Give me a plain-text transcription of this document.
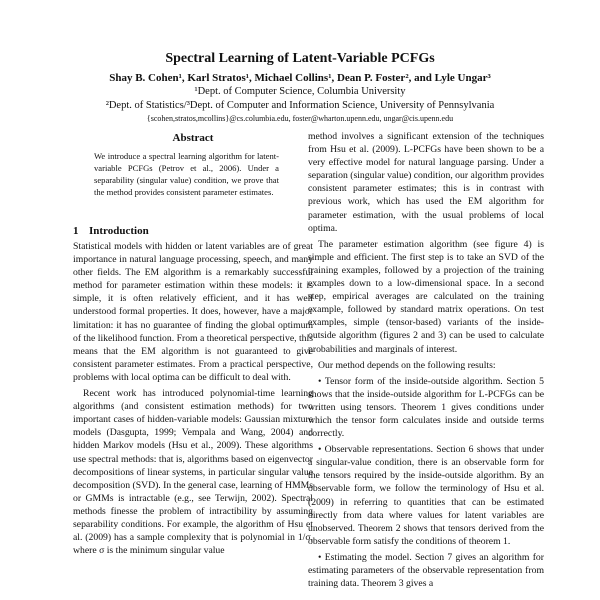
Spectral Learning of Latent-Variable PCFGs
Shay B. Cohen¹, Karl Stratos¹, Michael Collins¹, Dean P. Foster², and Lyle Ungar³
¹Dept. of Computer Science, Columbia University
²Dept. of Statistics/³Dept. of Computer and Information Science, University of Pennsylvania
{scohen,stratos,mcollins}@cs.columbia.edu, foster@wharton.upenn.edu, ungar@cis.upenn.edu
Abstract
We introduce a spectral learning algorithm for latent-variable PCFGs (Petrov et al., 2006). Under a separability (singular value) condition, we prove that the method provides consistent parameter estimates.
1 Introduction

Statistical models with hidden or latent variables are of great importance in natural language processing, speech, and many other fields. The EM algorithm is a remarkably successful method for parameter estimation within these models: it is simple, it is often relatively efficient, and it has well understood formal properties. It does, however, have a major limitation: it has no guarantee of finding the global optimum of the likelihood function. From a theoretical perspective, this means that the EM algorithm is not guaranteed to give consistent parameter estimates. From a practical perspective, problems with local optima can be difficult to deal with.

Recent work has introduced polynomial-time learning algorithms (and consistent estimation methods) for two important cases of hidden-variable models: Gaussian mixture models (Dasgupta, 1999; Vempala and Wang, 2004) and hidden Markov models (Hsu et al., 2009). These algorithms use spectral methods: that is, algorithms based on eigenvector decompositions of linear systems, in particular singular value decomposition (SVD). In the general case, learning of HMMs or GMMs is intractable (e.g., see Terwijn, 2002). Spectral methods finesse the problem of intractibility by assuming separability conditions. For example, the algorithm of Hsu et al. (2009) has a sample complexity that is polynomial in 1/σ, where σ is the minimum singular value

method involves a significant extension of the techniques from Hsu et al. (2009). L-PCFGs have been shown to be a very effective model for natural language parsing. Under a separation (singular value) condition, our algorithm provides consistent parameter estimates; this is in contrast with previous work, which has used the EM algorithm for parameter estimation, with the usual problems of local optima.

The parameter estimation algorithm (see figure 4) is simple and efficient. The first step is to take an SVD of the training examples, followed by a projection of the training examples down to a low-dimensional space. In a second step, empirical averages are calculated on the training example, followed by standard matrix operations. On test examples, simple (tensor-based) variants of the inside-outside algorithm (figures 2 and 3) can be used to calculate probabilities and marginals of interest.

Our method depends on the following results:

• Tensor form of the inside-outside algorithm. Section 5 shows that the inside-outside algorithm for L-PCFGs can be written using tensors. Theorem 1 gives conditions under which the tensor form calculates inside and outside terms correctly.

• Observable representations. Section 6 shows that under a singular-value condition, there is an observable form for the tensors required by the inside-outside algorithm. By an observable form, we follow the terminology of Hsu et al. (2009) in referring to quantities that can be estimated directly from data where values for latent variables are unobserved. Theorem 2 shows that tensors derived from the observable form satisfy the conditions of theorem 1.

• Estimating the model. Section 7 gives an algorithm for estimating parameters of the observable representation from training data. Theorem 3 gives a
